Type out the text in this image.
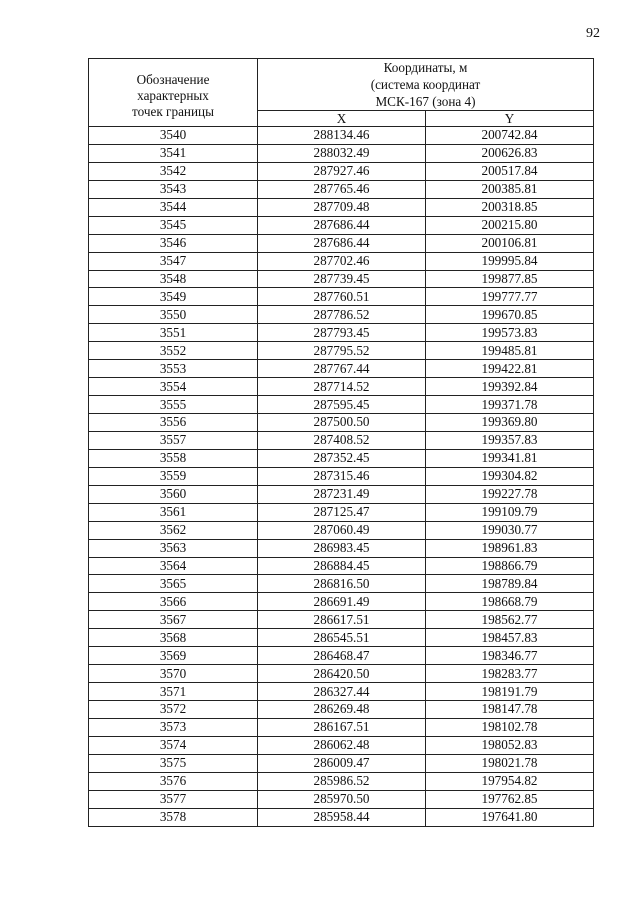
92
Обозначение
характерных
точек границы	Координаты, м
(система координат
МСК-167 (зона 4)	

	X	Y
3540	288134.46	200742.84
3541	288032.49	200626.83
3542	287927.46	200517.84
3543	287765.46	200385.81
3544	287709.48	200318.85
3545	287686.44	200215.80
3546	287686.44	200106.81
3547	287702.46	199995.84
3548	287739.45	199877.85
3549	287760.51	199777.77
3550	287786.52	199670.85
3551	287793.45	199573.83
3552	287795.52	199485.81
3553	287767.44	199422.81
3554	287714.52	199392.84
3555	287595.45	199371.78
3556	287500.50	199369.80
3557	287408.52	199357.83
3558	287352.45	199341.81
3559	287315.46	199304.82
3560	287231.49	199227.78
3561	287125.47	199109.79
3562	287060.49	199030.77
3563	286983.45	198961.83
3564	286884.45	198866.79
3565	286816.50	198789.84
3566	286691.49	198668.79
3567	286617.51	198562.77
3568	286545.51	198457.83
3569	286468.47	198346.77
3570	286420.50	198283.77
3571	286327.44	198191.79
3572	286269.48	198147.78
3573	286167.51	198102.78
3574	286062.48	198052.83
3575	286009.47	198021.78
3576	285986.52	197954.82
3577	285970.50	197762.85
3578	285958.44	197641.80
